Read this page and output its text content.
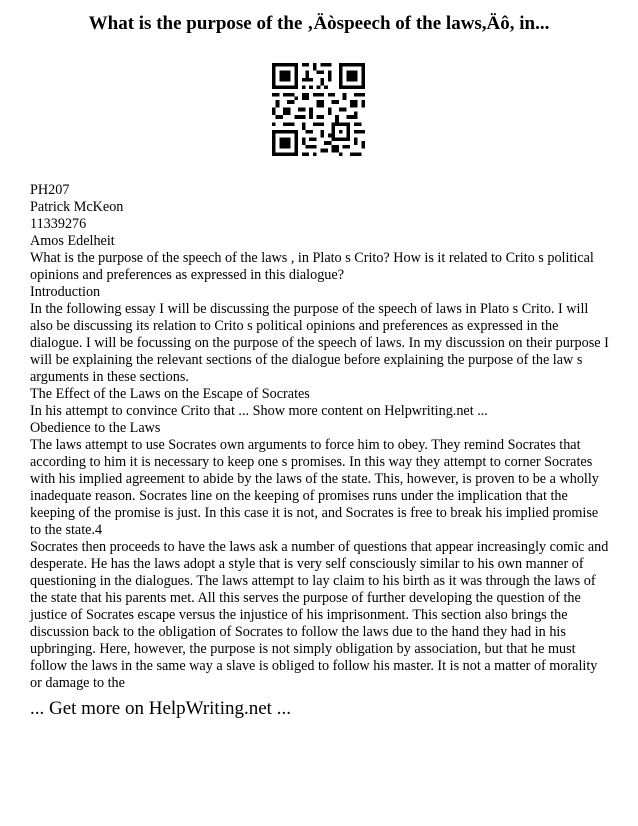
What is the purpose of the ‚Äòspeech of the laws,Äô, in...
PH207
Patrick McKeon
11339276
Amos Edelheit
What is the purpose of the speech of the laws , in Plato s Crito? How is it related to Crito s political opinions and preferences as expressed in this dialogue?
Introduction
In the following essay I will be discussing the purpose of the speech of laws in Plato s Crito. I will also be discussing its relation to Crito s political opinions and preferences as expressed in the dialogue. I will be focussing on the purpose of the speech of laws. In my discussion on their purpose I will be explaining the relevant sections of the dialogue before explaining the purpose of the law s arguments in these sections.
The Effect of the Laws on the Escape of Socrates
In his attempt to convince Crito that ... Show more content on Helpwriting.net ...
Obedience to the Laws
The laws attempt to use Socrates own arguments to force him to obey. They remind Socrates that according to him it is necessary to keep one s promises. In this way they attempt to corner Socrates with his implied agreement to abide by the laws of the state. This, however, is proven to be a wholly inadequate reason. Socrates line on the keeping of promises runs under the implication that the keeping of the promise is just. In this case it is not, and Socrates is free to break his implied promise to the state.4
Socrates then proceeds to have the laws ask a number of questions that appear increasingly comic and desperate. He has the laws adopt a style that is very self consciously similar to his own manner of questioning in the dialogues. The laws attempt to lay claim to his birth as it was through the laws of the state that his parents met. All this serves the purpose of further developing the question of the justice of Socrates escape versus the injustice of his imprisonment. This section also brings the discussion back to the obligation of Socrates to follow the laws due to the hand they had in his upbringing. Here, however, the purpose is not simply obligation by association, but that he must follow the laws in the same way a slave is obliged to follow his master. It is not a matter of morality or damage to the
... Get more on HelpWriting.net ...
